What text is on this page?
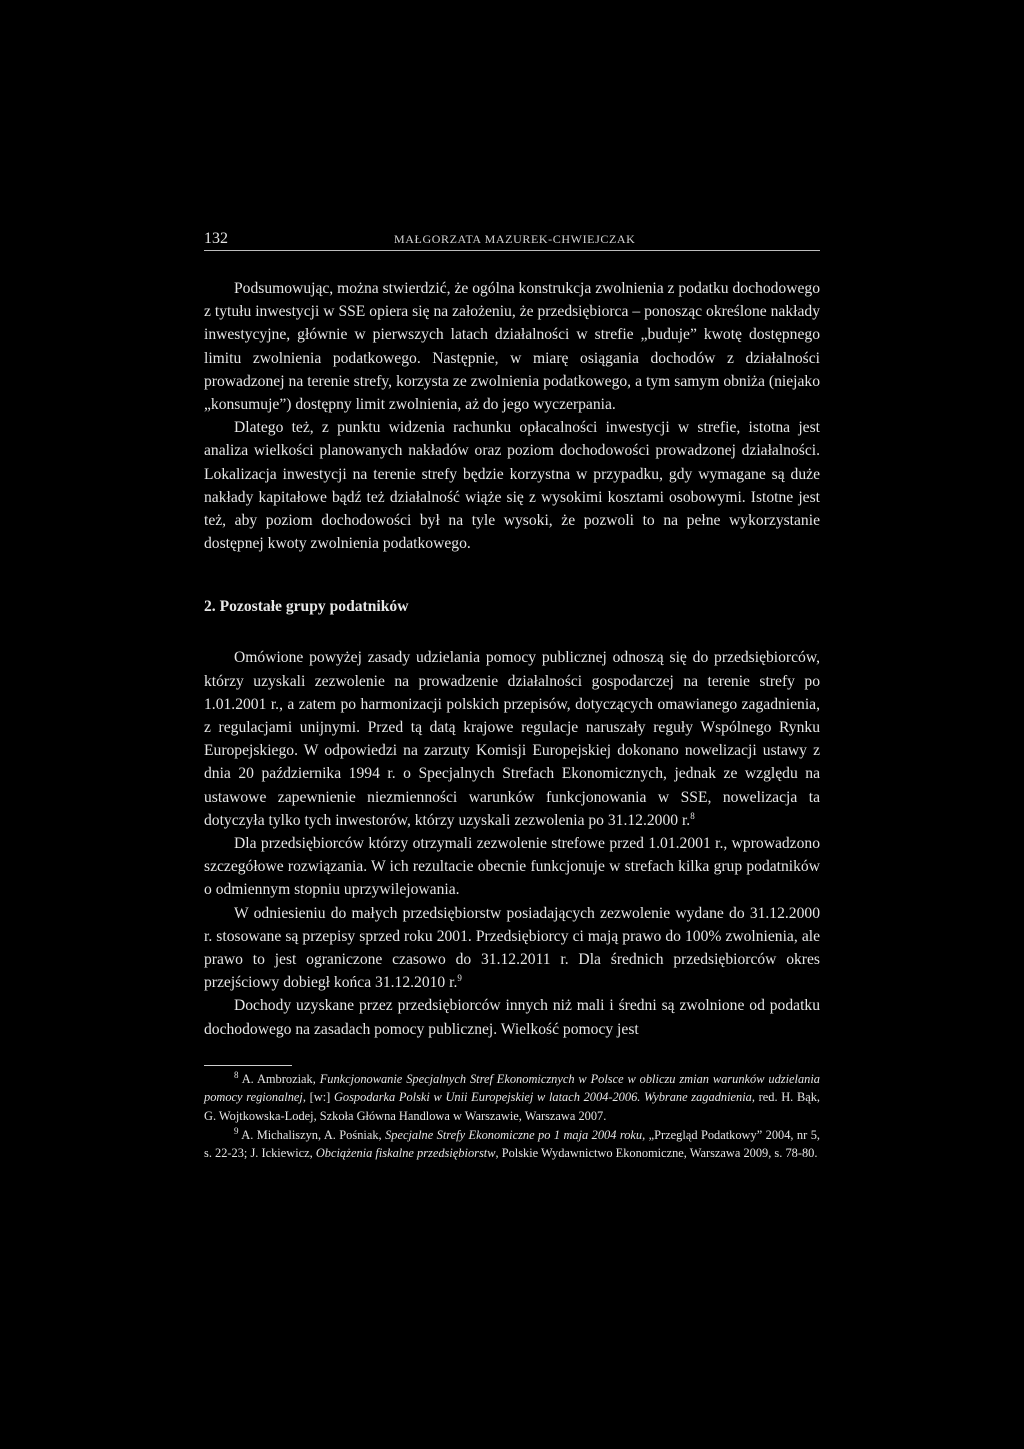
132	MAŁGORZATA MAZUREK-CHWIEJCZAK

Podsumowując, można stwierdzić, że ogólna konstrukcja zwolnienia z podatku dochodowego z tytułu inwestycji w SSE opiera się na założeniu, że przedsiębiorca – ponosząc określone nakłady inwestycyjne, głównie w pierwszych latach działalności w strefie „buduje” kwotę dostępnego limitu zwolnienia podatkowego. Następnie, w miarę osiągania dochodów z działalności prowadzonej na terenie strefy, korzysta ze zwolnienia podatkowego, a tym samym obniża (niejako „konsumuje”) dostępny limit zwolnienia, aż do jego wyczerpania.

Dlatego też, z punktu widzenia rachunku opłacalności inwestycji w strefie, istotna jest analiza wielkości planowanych nakładów oraz poziom dochodowości prowadzonej działalności. Lokalizacja inwestycji na terenie strefy będzie korzystna w przypadku, gdy wymagane są duże nakłady kapitałowe bądź też działalność wiąże się z wysokimi kosztami osobowymi. Istotne jest też, aby poziom dochodowości był na tyle wysoki, że pozwoli to na pełne wykorzystanie dostępnej kwoty zwolnienia podatkowego.

2. Pozostałe grupy podatników

Omówione powyżej zasady udzielania pomocy publicznej odnoszą się do przedsiębiorców, którzy uzyskali zezwolenie na prowadzenie działalności gospodarczej na terenie strefy po 1.01.2001 r., a zatem po harmonizacji polskich przepisów, dotyczących omawianego zagadnienia, z regulacjami unijnymi. Przed tą datą krajowe regulacje naruszały reguły Wspólnego Rynku Europejskiego. W odpowiedzi na zarzuty Komisji Europejskiej dokonano nowelizacji ustawy z dnia 20 października 1994 r. o Specjalnych Strefach Ekonomicznych, jednak ze względu na ustawowe zapewnienie niezmienności warunków funkcjonowania w SSE, nowelizacja ta dotyczyła tylko tych inwestorów, którzy uzyskali zezwolenia po 31.12.2000 r.$^8$

Dla przedsiębiorców którzy otrzymali zezwolenie strefowe przed 1.01.2001 r., wprowadzono szczegółowe rozwiązania. W ich rezultacie obecnie funkcjonuje w strefach kilka grup podatników o odmiennym stopniu uprzywilejowania.

W odniesieniu do małych przedsiębiorstw posiadających zezwolenie wydane do 31.12.2000 r. stosowane są przepisy sprzed roku 2001. Przedsiębiorcy ci mają prawo do 100% zwolnienia, ale prawo to jest ograniczone czasowo do 31.12.2011 r. Dla średnich przedsiębiorców okres przejściowy dobiegł końca 31.12.2010 r.$^9$

Dochody uzyskane przez przedsiębiorców innych niż mali i średni są zwolnione od podatku dochodowego na zasadach pomocy publicznej. Wielkość pomocy jest

$^8$ A. Ambroziak, Funkcjonowanie Specjalnych Stref Ekonomicznych w Polsce w obliczu zmian warunków udzielania pomocy regionalnej, [w:] Gospodarka Polski w Unii Europejskiej w latach 2004-2006. Wybrane zagadnienia, red. H. Bąk, G. Wojtkowska-Lodej, Szkoła Główna Handlowa w Warszawie, Warszawa 2007.

$^9$ A. Michaliszyn, A. Pośniak, Specjalne Strefy Ekonomiczne po 1 maja 2004 roku, „Przegląd Podatkowy” 2004, nr 5, s. 22-23; J. Ickiewicz, Obciążenia fiskalne przedsiębiorstw, Polskie Wydawnictwo Ekonomiczne, Warszawa 2009, s. 78-80.
